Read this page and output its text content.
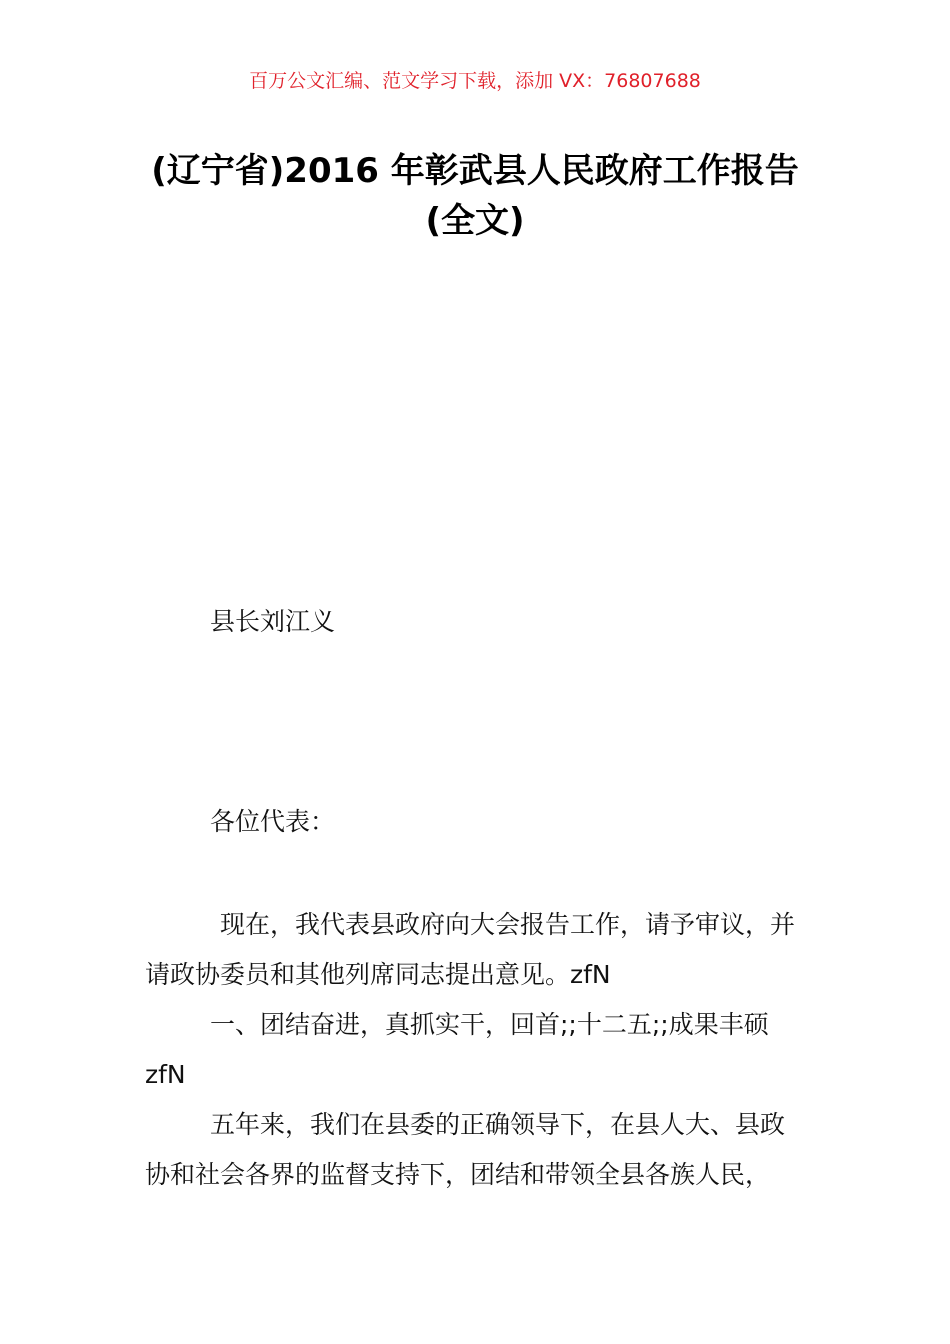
百万公文汇编、范文学习下载，添加 VX：76807688
(辽宁省)2016 年彰武县人民政府工作报告
(全文)
县长刘江义
各位代表：

现在，我代表县政府向大会报告工作，请予审议，并
请政协委员和其他列席同志提出意见。zfN

一、团结奋进，真抓实干，回首;;十二五;;成果丰硕
zfN

五年来，我们在县委的正确领导下，在县人大、县政
协和社会各界的监督支持下，团结和带领全县各族人民，
